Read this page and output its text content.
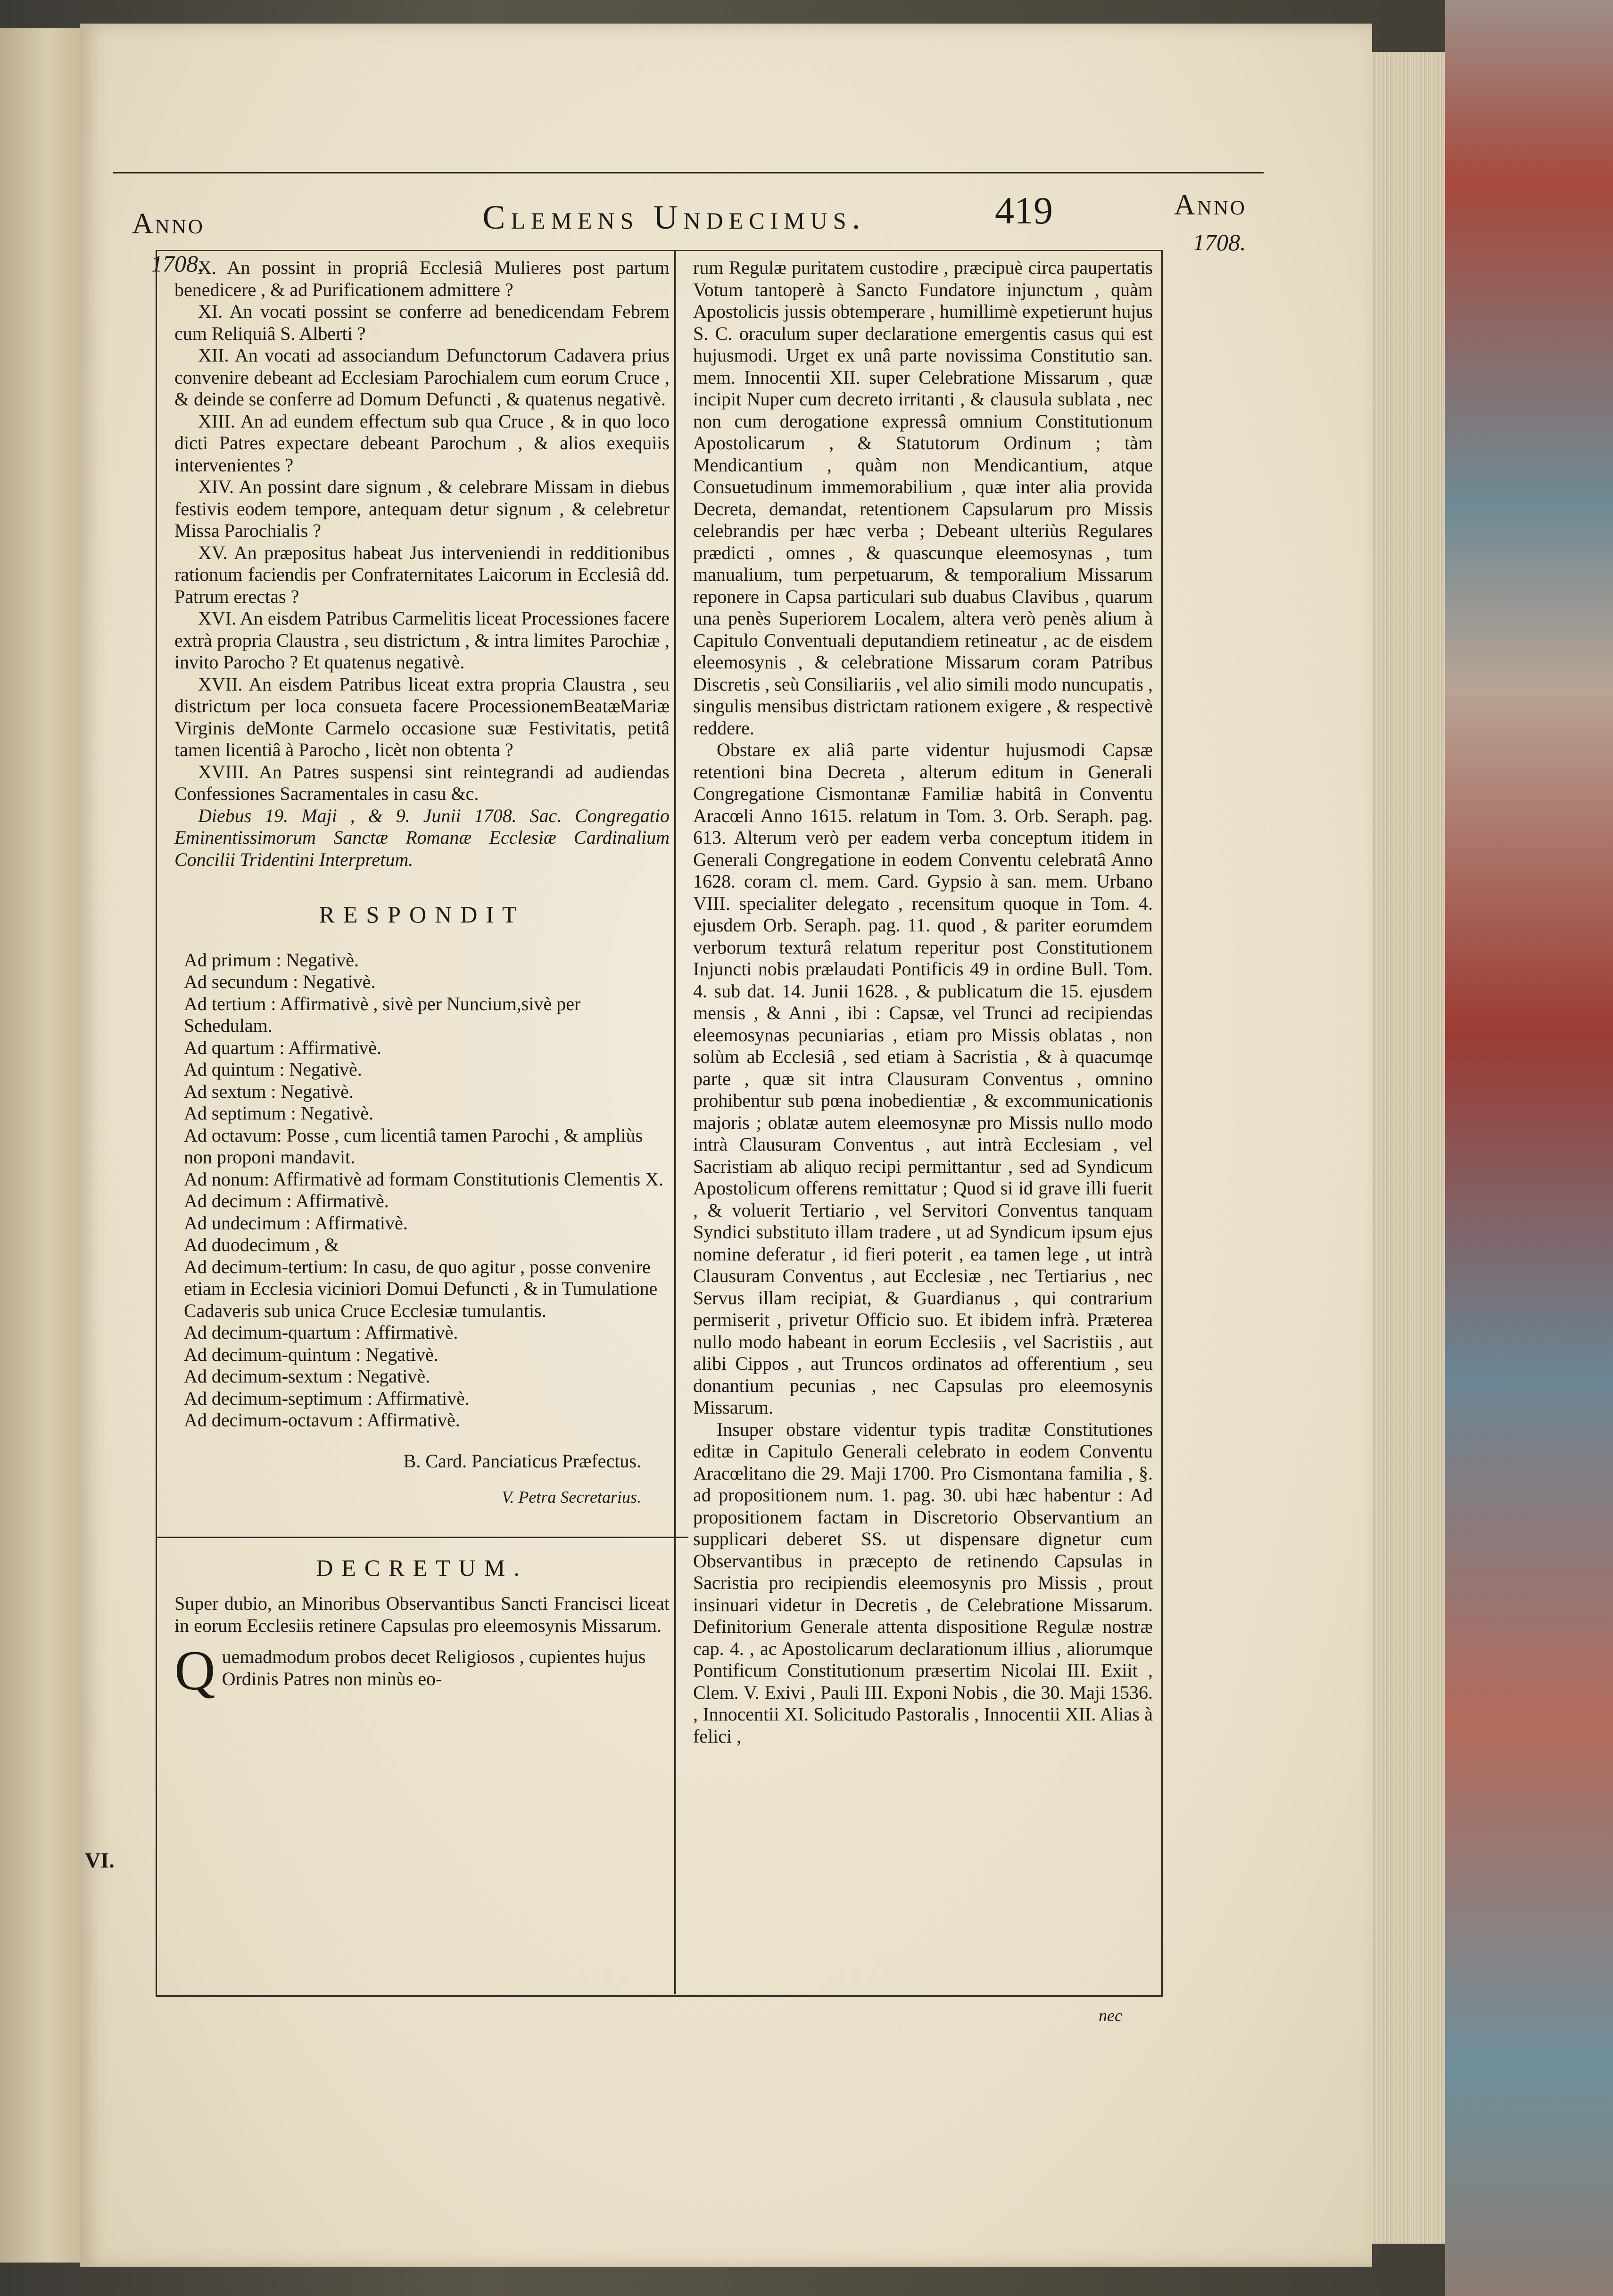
Anno
1708.
Clemens Undecimus.	419	Anno
1708.

X. An possint in propriâ Ecclesiâ Mulieres post partum benedicere , & ad Purificationem admittere ?

XI. An vocati possint se conferre ad benedicendam Febrem cum Reliquiâ S. Alberti ?

XII. An vocati ad associandum Defunctorum Cadavera prius convenire debeant ad Ecclesiam Parochialem cum eorum Cruce , & deinde se conferre ad Domum Defuncti , & quatenus negativè.

XIII. An ad eundem effectum sub qua Cruce , & in quo loco dicti Patres expectare debeant Parochum , & alios exequiis intervenientes ?

XIV. An possint dare signum , & celebrare Missam in diebus festivis eodem tempore, antequam detur signum , & celebretur Missa Parochialis ?

XV. An præpositus habeat Jus interveniendi in redditionibus rationum faciendis per Confraternitates Laicorum in Ecclesiâ dd. Patrum erectas ?

XVI. An eisdem Patribus Carmelitis liceat Processiones facere extrà propria Claustra , seu districtum , & intra limites Parochiæ , invito Parocho ? Et quatenus negativè.

XVII. An eisdem Patribus liceat extra propria Claustra , seu districtum per loca consueta facere ProcessionemBeatæMariæ Virginis deMonte Carmelo occasione suæ Festivitatis, petitâ tamen licentiâ à Parocho , licèt non obtenta ?

XVIII. An Patres suspensi sint reintegrandi ad audiendas Confessiones Sacramentales in casu &c.

Diebus 19. Maji , & 9. Junii 1708. Sac. Congregatio Eminentissimorum Sanctæ Romanæ Ecclesiæ Cardinalium Concilii Tridentini Interpretum.

RESPONDIT

Ad primum : Negativè.

Ad secundum : Negativè.

Ad tertium : Affirmativè , sivè per Nuncium,sivè per Schedulam.

Ad quartum : Affirmativè.

Ad quintum : Negativè.

Ad sextum : Negativè.

Ad septimum : Negativè.

Ad octavum: Posse , cum licentiâ tamen Parochi , & ampliùs non proponi mandavit.

Ad nonum: Affirmativè ad formam Constitutionis Clementis X.

Ad decimum : Affirmativè.

Ad undecimum : Affirmativè.

Ad duodecimum , &

Ad decimum-tertium: In casu, de quo agitur , posse convenire etiam in Ecclesia viciniori Domui Defuncti , & in Tumulatione Cadaveris sub unica Cruce Ecclesiæ tumulantis.

Ad decimum-quartum : Affirmativè.

Ad decimum-quintum : Negativè.

Ad decimum-sextum : Negativè.

Ad decimum-septimum : Affirmativè.

Ad decimum-octavum : Affirmativè.

B. Card. Panciaticus Præfectus.

V. Petra Secretarius.

DECRETUM.

Super dubio, an Minoribus Observantibus Sancti Francisci liceat in eorum Ecclesiis retinere Capsulas pro eleemosynis Missarum.

Q uemadmodum probos decet Religiosos , cupientes hujus Ordinis Patres non minùs eo-
VI.

rum Regulæ puritatem custodire , præcipuè circa paupertatis Votum tantoperè à Sancto Fundatore injunctum , quàm Apostolicis jussis obtemperare , humillimè expetierunt hujus S. C. oraculum super declaratione emergentis casus qui est hujusmodi. Urget ex unâ parte novissima Constitutio san. mem. Innocentii XII. super Celebratione Missarum , quæ incipit Nuper cum decreto irritanti , & clausula sublata , nec non cum derogatione expressâ omnium Constitutionum Apostolicarum , & Statutorum Ordinum ; tàm Mendicantium , quàm non Mendicantium, atque Consuetudinum immemorabilium , quæ inter alia provida Decreta, demandat, retentionem Capsularum pro Missis celebrandis per hæc verba ; Debeant ulteriùs Regulares prædicti , omnes , & quascunque eleemosynas , tum manualium, tum perpetuarum, & temporalium Missarum reponere in Capsa particulari sub duabus Clavibus , quarum una penès Superiorem Localem, altera verò penès alium à Capitulo Conventuali deputandiem retineatur , ac de eisdem eleemosynis , & celebratione Missarum coram Patribus Discretis , seù Consiliariis , vel alio simili modo nuncupatis , singulis mensibus districtam rationem exigere , & respectivè reddere.

Obstare ex aliâ parte videntur hujusmodi Capsæ retentioni bina Decreta , alterum editum in Generali Congregatione Cismontanæ Familiæ habitâ in Conventu Aracœli Anno 1615. relatum in Tom. 3. Orb. Seraph. pag. 613. Alterum verò per eadem verba conceptum itidem in Generali Congregatione in eodem Conventu celebratâ Anno 1628. coram cl. mem. Card. Gypsio à san. mem. Urbano VIII. specialiter delegato , recensitum quoque in Tom. 4. ejusdem Orb. Seraph. pag. 11. quod , & pariter eorumdem verborum texturâ relatum reperitur post Constitutionem Injuncti nobis prælaudati Pontificis 49 in ordine Bull. Tom. 4. sub dat. 14. Junii 1628. , & publicatum die 15. ejusdem mensis , & Anni , ibi : Capsæ, vel Trunci ad recipiendas eleemosynas pecuniarias , etiam pro Missis oblatas , non solùm ab Ecclesiâ , sed etiam à Sacristia , & à quacumqe parte , quæ sit intra Clausuram Conventus , omnino prohibentur sub pœna inobedientiæ , & excommunicationis majoris ; oblatæ autem eleemosynæ pro Missis nullo modo intrà Clausuram Conventus , aut intrà Ecclesiam , vel Sacristiam ab aliquo recipi permittantur , sed ad Syndicum Apostolicum offerens remittatur ; Quod si id grave illi fuerit , & voluerit Tertiario , vel Servitori Conventus tanquam Syndici substituto illam tradere , ut ad Syndicum ipsum ejus nomine deferatur , id fieri poterit , ea tamen lege , ut intrà Clausuram Conventus , aut Ecclesiæ , nec Tertiarius , nec Servus illam recipiat, & Guardianus , qui contrarium permiserit , privetur Officio suo. Et ibidem infrà. Præterea nullo modo habeant in eorum Ecclesiis , vel Sacristiis , aut alibi Cippos , aut Truncos ordinatos ad offerentium , seu donantium pecunias , nec Capsulas pro eleemosynis Missarum.

Insuper obstare videntur typis traditæ Constitutiones editæ in Capitulo Generali celebrato in eodem Conventu Aracœlitano die 29. Maji 1700. Pro Cismontana familia , §. ad propositionem num. 1. pag. 30. ubi hæc habentur : Ad propositionem factam in Discretorio Observantium an supplicari deberet SS. ut dispensare dignetur cum Observantibus in præcepto de retinendo Capsulas in Sacristia pro recipiendis eleemosynis pro Missis , prout insinuari videtur in Decretis , de Celebratione Missarum. Definitorium Generale attenta dispositione Regulæ nostræ cap. 4. , ac Apostolicarum declarationum illius , aliorumque Pontificum Constitutionum præsertim Nicolai III. Exiit , Clem. V. Exivi , Pauli III. Exponi Nobis , die 30. Maji 1536. , Innocentii XI. Solicitudo Pastoralis , Innocentii XII. Alias à felici ,

nec
